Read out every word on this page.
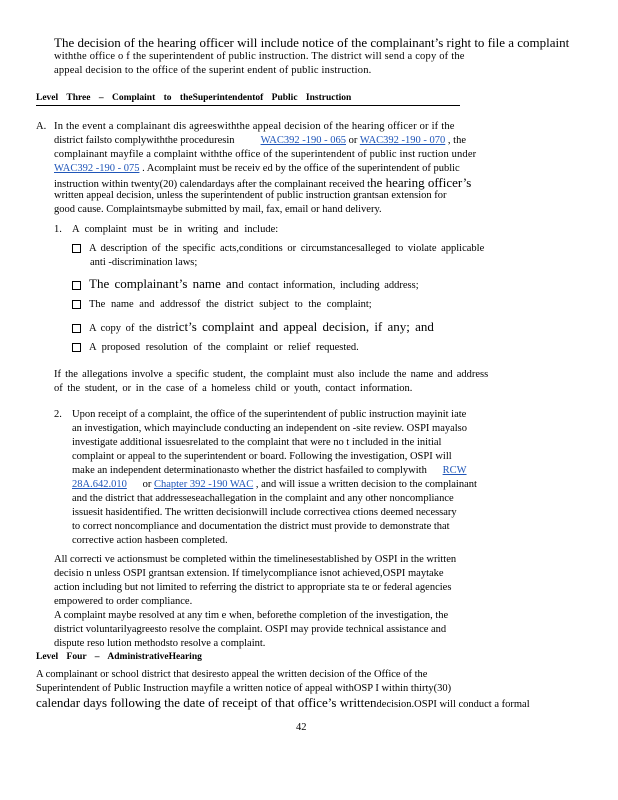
The decision of the hearing officer will include notice of the complainant’s right to file a complaint
withthe office o f the superintendent of public instruction. The district will send a copy of the
appeal decision to the office of the superint endent of public instruction.
Level Three – Complaint to theSuperintendentof Public Instruction
A. In the event a complainant dis agreeswiththe appeal decision of the hearing officer or if the
district failsto complywiththe proceduresin WAC392 -190 - 065 or WAC392 -190 - 070 , the
complainant mayfile a complaint withthe office of the superintendent of public inst ruction under
WAC392 -190 - 075 . Acomplaint must be receiv ed by the office of the superintendent of public
instruction within twenty(20) calendardays after the complainant received the hearing officer’s
written appeal decision, unless the superintendent of public instruction grantsan extension for
good cause. Complaintsmaybe submitted by mail, fax, email or hand delivery.
1. A complaint must be in writing and include:
A description of the specific acts,conditions or circumstancesalleged to violate applicable
anti -discrimination laws;
The complainant’s name and contact information, including address;
The name and addressof the district subject to the complaint;
A copy of the district’s complaint and appeal decision, if any; and
A proposed resolution of the complaint or relief requested.
If the allegations involve a specific student, the complaint must also include the name and address
of the student, or in the case of a homeless child or youth, contact information.
2. Upon receipt of a complaint, the office of the superintendent of public instruction mayinit iate
an investigation, which mayinclude conducting an independent on -site review. OSPI mayalso
investigate additional issuesrelated to the complaint that were no t included in the initial
complaint or appeal to the superintendent or board. Following the investigation, OSPI will
make an independent determinationasto whether the district hasfailed to complywith RCW
28A.642.010 or Chapter 392 -190 WAC , and will issue a written decision to the complainant
and the district that addresseseachallegation in the complaint and any other noncompliance
issuesit hasidentified. The written decisionwill include correctivea ctions deemed necessary
to correct noncompliance and documentation the district must provide to demonstrate that
corrective action hasbeen completed.
All correcti ve actionsmust be completed within the timelinesestablished by OSPI in the written
decisio n unless OSPI grantsan extension. If timelycompliance isnot achieved,OSPI maytake
action including but not limited to referring the district to appropriate sta te or federal agencies
empowered to order compliance.
A complaint maybe resolved at any tim e when, beforethe completion of the investigation, the
district voluntarilyagreesto resolve the complaint. OSPI may provide technical assistance and
dispute reso lution methodsto resolve a complaint.
Level Four – AdministrativeHearing
A complainant or school district that desiresto appeal the written decision of the Office of the
Superintendent of Public Instruction mayfile a written notice of appeal withOSP I within thirty(30)
calendar days following the date of receipt of that office’s writtendecision.OSPI will conduct a formal
42
